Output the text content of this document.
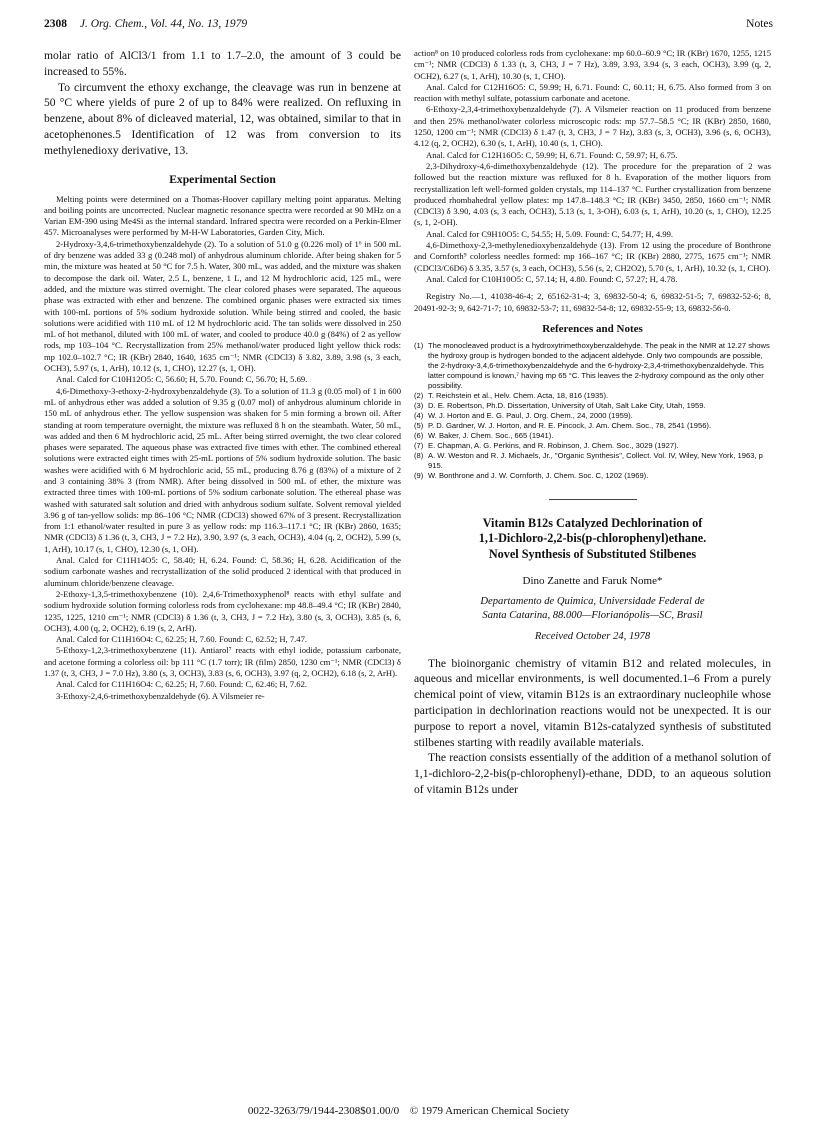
2308 J. Org. Chem., Vol. 44, No. 13, 1979	Notes

molar ratio of AlCl3/1 from 1.1 to 1.7–2.0, the amount of 3 could be increased to 55%.

To circumvent the ethoxy exchange, the cleavage was run in benzene at 50 °C where yields of pure 2 of up to 84% were realized. On refluxing in benzene, about 8% of dicleaved material, 12, was obtained, similar to that in acetophenones.5 Identification of 12 was from conversion to its methylenedioxy derivative, 13.

Experimental Section

Melting points were determined on a Thomas-Hoover capillary melting point apparatus. Melting and boiling points are uncorrected. Nuclear magnetic resonance spectra were recorded at 90 MHz on a Varian EM-390 using Me4Si as the internal standard. Infrared spectra were recorded on a Perkin-Elmer 457. Microanalyses were performed by M-H-W Laboratories, Garden City, Mich.

2-Hydroxy-3,4,6-trimethoxybenzaldehyde (2). To a solution of 51.0 g (0.226 mol) of 1⁶ in 500 mL of dry benzene was added 33 g (0.248 mol) of anhydrous aluminum chloride. After being shaken for 5 min, the mixture was heated at 50 °C for 7.5 h. Water, 300 mL, was added, and the mixture was shaken to decompose the dark oil. Water, 2.5 L, benzene, 1 L, and 12 M hydrochloric acid, 125 mL, were added, and the mixture was stirred overnight. The clear colored phases were separated. The aqueous phase was extracted with ether and benzene. The combined organic phases were extracted six times with 100-mL portions of 5% sodium hydroxide solution. While being stirred and cooled, the basic solutions were acidified with 110 mL of 12 M hydrochloric acid. The tan solids were dissolved in 250 mL of hot methanol, diluted with 100 mL of water, and cooled to produce 40.0 g (84%) of 2 as yellow rods, mp 103–104 °C. Recrystallization from 25% methanol/water produced light yellow thick rods: mp 102.0–102.7 °C; IR (KBr) 2840, 1640, 1635 cm⁻¹; NMR (CDCl3) δ 3.82, 3.89, 3.98 (s, 3 each, OCH3), 5.97 (s, 1, ArH), 10.12 (s, 1, CHO), 12.27 (s, 1, OH).

Anal. Calcd for C10H12O5: C, 56.60; H, 5.70. Found: C, 56.70; H, 5.69.

4,6-Dimethoxy-3-ethoxy-2-hydroxybenzaldehyde (3). To a solution of 11.3 g (0.05 mol) of 1 in 600 mL of anhydrous ether was added a solution of 9.35 g (0.07 mol) of anhydrous aluminum chloride in 150 mL of anhydrous ether. The yellow suspension was shaken for 5 min forming a brown oil. After standing at room temperature overnight, the mixture was refluxed 8 h on the steambath. Water, 50 mL, was added and then 6 M hydrochloric acid, 25 mL. After being stirred overnight, the two clear colored phases were separated. The aqueous phase was extracted five times with ether. The combined ethereal solutions were extracted eight times with 25-mL portions of 5% sodium hydroxide solution. The basic washes were acidified with 6 M hydrochloric acid, 55 mL, producing 8.76 g (83%) of a mixture of 2 and 3 containing 38% 3 (from NMR). After being dissolved in 500 mL of ether, the mixture was extracted three times with 100-mL portions of 5% sodium carbonate solution. The ethereal phase was washed with saturated salt solution and dried with anhydrous sodium sulfate. Solvent removal yielded 3.96 g of tan-yellow solids: mp 86–106 °C; NMR (CDCl3) showed 67% of 3 present. Recrystallization from 1:1 ethanol/water resulted in pure 3 as yellow rods: mp 116.3–117.1 °C; IR (KBr) 2860, 1635; NMR (CDCl3) δ 1.36 (t, 3, CH3, J = 7.2 Hz), 3.90, 3.97 (s, 3 each, OCH3), 4.04 (q, 2, OCH2), 5.99 (s, 1, ArH), 10.17 (s, 1, CHO), 12.30 (s, 1, OH).

Anal. Calcd for C11H14O5: C, 58.40; H, 6.24. Found: C, 58.36; H, 6.28. Acidification of the sodium carbonate washes and recrystallization of the solid produced 2 identical with that produced in aluminum chloride/benzene cleavage.

2-Ethoxy-1,3,5-trimethoxybenzene (10). 2,4,6-Trimethoxyphenol⁸ reacts with ethyl sulfate and sodium hydroxide solution forming colorless rods from cyclohexane: mp 48.8–49.4 °C; IR (KBr) 2840, 1235, 1225, 1210 cm⁻¹; NMR (CDCl3) δ 1.36 (t, 3, CH3, J = 7.2 Hz), 3.80 (s, 3, OCH3), 3.85 (s, 6, OCH3), 4.00 (q, 2, OCH2), 6.19 (s, 2, ArH).

Anal. Calcd for C11H16O4: C, 62.25; H, 7.60. Found: C, 62.52; H, 7.47.

5-Ethoxy-1,2,3-trimethoxybenzene (11). Antiarol⁷ reacts with ethyl iodide, potassium carbonate, and acetone forming a colorless oil: bp 111 °C (1.7 torr); IR (film) 2850, 1230 cm⁻¹; NMR (CDCl3) δ 1.37 (t, 3, CH3, J = 7.0 Hz), 3.80 (s, 3, OCH3), 3.83 (s, 6, OCH3), 3.97 (q, 2, OCH2), 6.18 (s, 2, ArH).

Anal. Calcd for C11H16O4: C, 62.25; H, 7.60. Found: C, 62.46; H, 7.62.

3-Ethoxy-2,4,6-trimethoxybenzaldehyde (6). A Vilsmeier re-

action⁸ on 10 produced colorless rods from cyclohexane: mp 60.0–60.9 °C; IR (KBr) 1670, 1255, 1215 cm⁻¹; NMR (CDCl3) δ 1.33 (t, 3, CH3, J = 7 Hz), 3.89, 3.93, 3.94 (s, 3 each, OCH3), 3.99 (q, 2, OCH2), 6.27 (s, 1, ArH), 10.30 (s, 1, CHO).

Anal. Calcd for C12H16O5: C, 59.99; H, 6.71. Found: C, 60.11; H, 6.75. Also formed from 3 on reaction with methyl sulfate, potassium carbonate and acetone.

6-Ethoxy-2,3,4-trimethoxybenzaldehyde (7). A Vilsmeier reaction on 11 produced from benzene and then 25% methanol/water colorless microscopic rods: mp 57.7–58.5 °C; IR (KBr) 2850, 1680, 1250, 1200 cm⁻¹; NMR (CDCl3) δ 1.47 (t, 3, CH3, J = 7 Hz), 3.83 (s, 3, OCH3), 3.96 (s, 6, OCH3), 4.12 (q, 2, OCH2), 6.30 (s, 1, ArH), 10.40 (s, 1, CHO).

Anal. Calcd for C12H16O5: C, 59.99; H, 6.71. Found: C, 59.97; H, 6.75.

2,3-Dihydroxy-4,6-dimethoxybenzaldehyde (12). The procedure for the preparation of 2 was followed but the reaction mixture was refluxed for 8 h. Evaporation of the mother liquors from recrystallization left well-formed golden crystals, mp 114–137 °C. Further crystallization from benzene produced rhombahedral yellow plates: mp 147.8–148.3 °C; IR (KBr) 3450, 2850, 1660 cm⁻¹; NMR (CDCl3) δ 3.90, 4.03 (s, 3 each, OCH3), 5.13 (s, 1, 3-OH), 6.03 (s, 1, ArH), 10.20 (s, 1, CHO), 12.25 (s, 1, 2-OH).

Anal. Calcd for C9H10O5: C, 54.55; H, 5.09. Found: C, 54.77; H, 4.99.

4,6-Dimethoxy-2,3-methylenedioxybenzaldehyde (13). From 12 using the procedure of Bonthrone and Cornforth⁹ colorless needles formed: mp 166–167 °C; IR (KBr) 2880, 2775, 1675 cm⁻¹; NMR (CDCl3/C6D6) δ 3.35, 3.57 (s, 3 each, OCH3), 5.56 (s, 2, CH2O2), 5.70 (s, 1, ArH), 10.32 (s, 1, CHO).

Anal. Calcd for C10H10O5: C, 57.14; H, 4.80. Found: C, 57.27; H, 4.78.

Registry No.—1, 41038-46-4; 2, 65162-31-4; 3, 69832-50-4; 6, 69832-51-5; 7, 69832-52-6; 8, 20491-92-3; 9, 642-71-7; 10, 69832-53-7; 11, 69832-54-8; 12, 69832-55-9; 13, 69832-56-0.

References and Notes
(1) The monocleaved product is a hydroxytrimethoxybenzaldehyde. The peak in the NMR at 12.27 shows the hydroxy group is hydrogen bonded to the adjacent aldehyde. Only two compounds are possible, the 2-hydroxy-3,4,6-trimethoxybenzaldehyde and the 6-hydroxy-2,3,4-trimethoxybenzaldehyde. This latter compound is known,⁷ having mp 65 °C. This leaves the 2-hydroxy compound as the only other possibility.
(2) T. Reichstein et al., Helv. Chem. Acta, 18, 816 (1935).
(3) D. E. Robertson, Ph.D. Dissertation, University of Utah, Salt Lake City, Utah, 1959.
(4) W. J. Horton and E. G. Paul, J. Org. Chem., 24, 2000 (1959).
(5) P. D. Gardner, W. J. Horton, and R. E. Pincock, J. Am. Chem. Soc., 78, 2541 (1956).
(6) W. Baker, J. Chem. Soc., 665 (1941).
(7) E. Chapman, A. G. Perkins, and R. Robinson, J. Chem. Soc., 3029 (1927).
(8) A. W. Weston and R. J. Michaels, Jr., "Organic Synthesis", Collect. Vol. IV, Wiley, New York, 1963, p 915.
(9) W. Bonthrone and J. W. Cornforth, J. Chem. Soc. C, 1202 (1969).
Vitamin B12s Catalyzed Dechlorination of
1,1-Dichloro-2,2-bis(p-chlorophenyl)ethane.
Novel Synthesis of Substituted Stilbenes
Dino Zanette and Faruk Nome*
Departamento de Quimica, Universidade Federal de
Santa Catarina, 88.000—Florianópolis—SC, Brasil
Received October 24, 1978

The bioinorganic chemistry of vitamin B12 and related molecules, in aqueous and micellar environments, is well documented.1–6 From a purely chemical point of view, vitamin B12s is an extraordinary nucleophile whose participation in dechlorination reactions would not be unexpected. It is our purpose to report a novel, vitamin B12s-catalyzed synthesis of substituted stilbenes starting with readily available materials.

The reaction consists essentially of the addition of a methanol solution of 1,1-dichloro-2,2-bis(p-chlorophenyl)-ethane, DDD, to an aqueous solution of vitamin B12s under

0022-3263/79/1944-2308$01.00/0 © 1979 American Chemical Society
